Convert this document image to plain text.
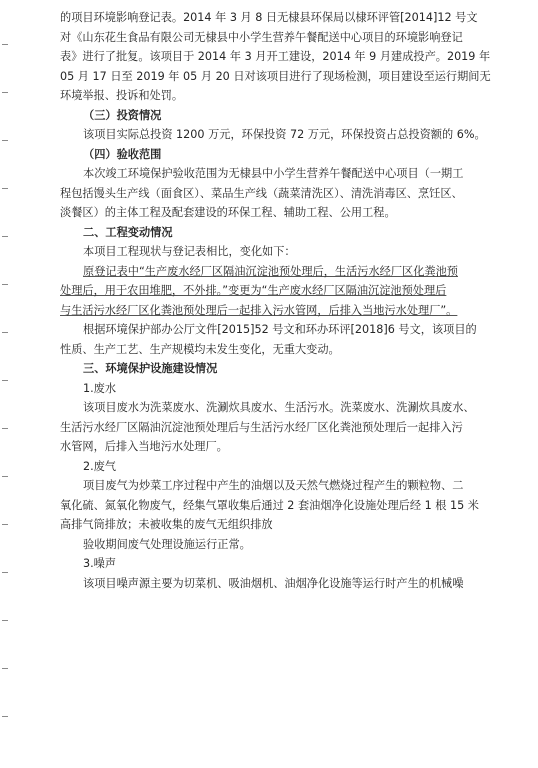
的项目环境影响登记表。2014 年 3 月 8 日无棣县环保局以棣环评管[2014]12 号文
对《山东花生食品有限公司无棣县中小学生营养午餐配送中心项目的环境影响登记
表》进行了批复。该项目于 2014 年 3 月开工建设，2014 年 9 月建成投产。2019 年
05 月 17 日至 2019 年 05 月 20 日对该项目进行了现场检测，项目建设至运行期间无
环境举报、投诉和处罚。
（三）投资情况
该项目实际总投资 1200 万元，环保投资 72 万元，环保投资占总投资额的 6%。
（四）验收范围
本次竣工环境保护验收范围为无棣县中小学生营养午餐配送中心项目（一期工
程包括馒头生产线（面食区）、菜品生产线（蔬菜清洗区）、清洗消毒区、烹饪区、
淡餐区）的主体工程及配套建设的环保工程、辅助工程、公用工程。
二、工程变动情况
本项目工程现状与登记表相比，变化如下：
原登记表中“生产废水经厂区隔油沉淀池预处理后，生活污水经厂区化粪池预
处理后，用于农田堆肥，不外排。”变更为“生产废水经厂区隔油沉淀池预处理后
与生活污水经厂区化粪池预处理后一起排入污水管网，后排入当地污水处理厂”。
根据环境保护部办公厅文件[2015]52 号文和环办环评[2018]6 号文，该项目的
性质、生产工艺、生产规模均未发生变化，无重大变动。
三、环境保护设施建设情况
1.废水
该项目废水为洗菜废水、洗涮炊具废水、生活污水。洗菜废水、洗涮炊具废水、
生活污水经厂区隔油沉淀池预处理后与生活污水经厂区化粪池预处理后一起排入污
水管网，后排入当地污水处理厂。
2.废气
项目废气为炒菜工序过程中产生的油烟以及天然气燃烧过程产生的颗粒物、二
氧化硫、氮氧化物废气，经集气罩收集后通过 2 套油烟净化设施处理后经 1 根 15 米
高排气筒排放；未被收集的废气无组织排放
验收期间废气处理设施运行正常。
3.噪声
该项目噪声源主要为切菜机、吸油烟机、油烟净化设施等运行时产生的机械噪
